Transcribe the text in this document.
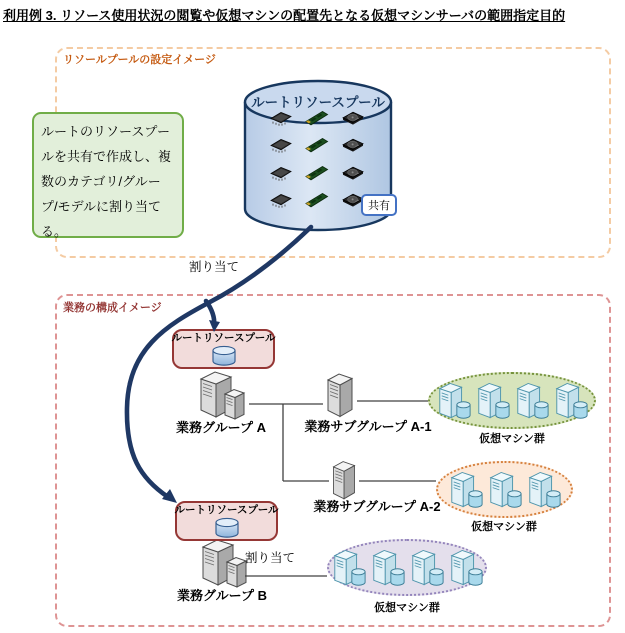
利用例 3. リソース使用状況の閲覧や仮想マシンの配置先となる仮想マシンサーバの範囲指定目的
リソールプールの設定イメージ
ルートのリソースプールを共有で作成し、複数のカテゴリ/グループ/モデルに割り当てる。
ルートリソースプール
共有
割り当て
割り当て
業務の構成イメージ
ルートリソースプール
ルートリソースプール
業務グループ A	業務サブグループ A-1
業務サブグループ A-2
業務グループ B
仮想マシン群
仮想マシン群
仮想マシン群
